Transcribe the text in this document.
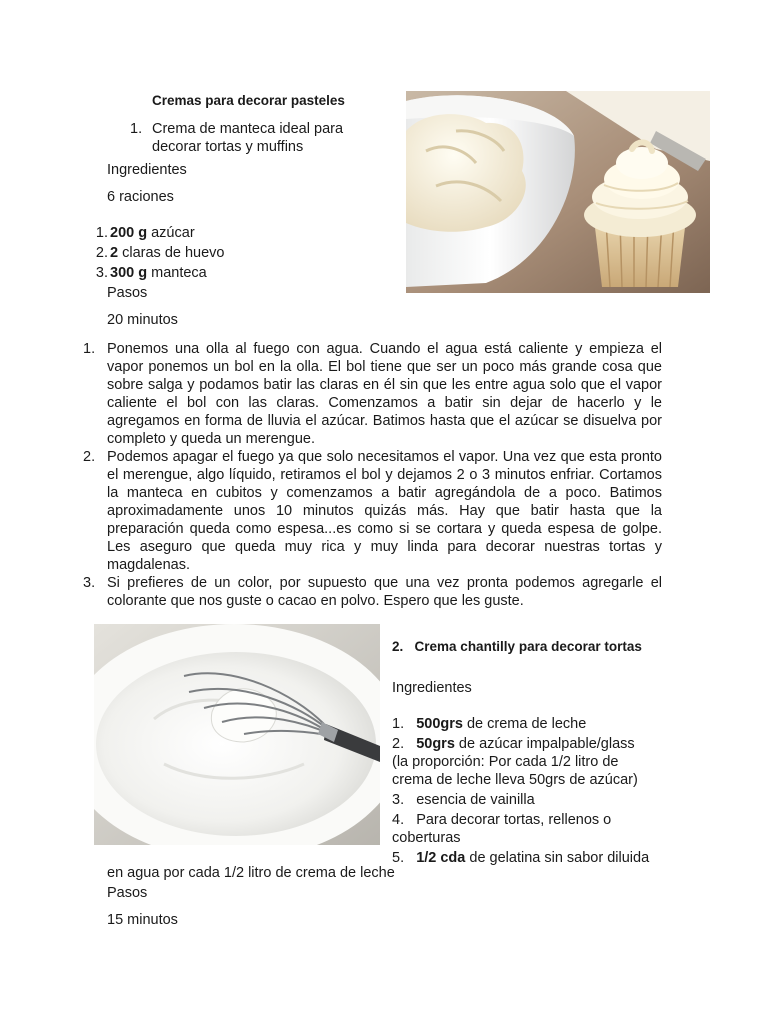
Cremas para decorar pasteles
1. Crema de manteca ideal para decorar tortas y muffins
Ingredientes
6 raciones
1. 200 g azúcar
2. 2 claras de huevo
3. 300 g manteca
Pasos
20 minutos
1. Ponemos una olla al fuego con agua. Cuando el agua está caliente y empieza el vapor ponemos un bol en la olla. El bol tiene que ser un poco más grande cosa que sobre salga y podamos batir las claras en él sin que les entre agua solo que el vapor caliente el bol con las claras. Comenzamos a batir sin dejar de hacerlo y le agregamos en forma de lluvia el azúcar. Batimos hasta que el azúcar se disuelva por completo y queda un merengue.
2. Podemos apagar el fuego ya que solo necesitamos el vapor. Una vez que esta pronto el merengue, algo líquido, retiramos el bol y dejamos 2 o 3 minutos enfriar. Cortamos la manteca en cubitos y comenzamos a batir agregándola de a poco. Batimos aproximadamente unos 10 minutos quizás más. Hay que batir hasta que la preparación queda como espesa...es como si se cortara y queda espesa de golpe. Les aseguro que queda muy rica y muy linda para decorar nuestras tortas y magdalenas.
3. Si prefieres de un color, por supuesto que una vez pronta podemos agregarle el colorante que nos guste o cacao en polvo. Espero que les guste.
2. Crema chantilly para decorar tortas
Ingredientes
1. 500grs de crema de leche
2. 50grs de azúcar impalpable/glass
(la proporción: Por cada 1/2 litro de crema de leche lleva 50grs de azúcar)
3. esencia de vainilla
4. Para decorar tortas, rellenos o coberturas
5. 1/2 cda de gelatina sin sabor diluida
en agua por cada 1/2 litro de crema de leche
Pasos
15 minutos
